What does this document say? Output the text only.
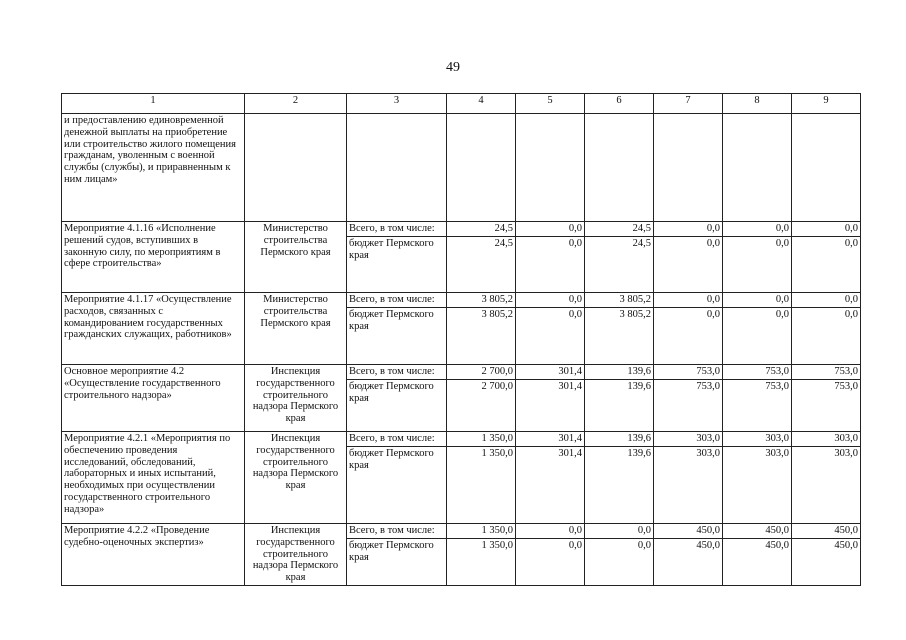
49
1	2	3	4	5	6	7	8	9
и предоставлению единовременной денежной выплаты на приобретение или строительство жилого помещения гражданам, уволенным с военной службы (службы), и приравненным к ним лицам»								
Мероприятие 4.1.16 «Исполнение решений судов, вступивших в законную силу, по мероприятиям в сфере строительства»	Министерство строительства Пермского края	Всего, в том числе:	24,5	0,0	24,5	0,0	0,0	0,0
		бюджет Пермского края	24,5	0,0	24,5	0,0	0,0	0,0
Мероприятие 4.1.17 «Осуществление расходов, связанных с командированием государственных гражданских служащих, работников»	Министерство строительства Пермского края	Всего, в том числе:	3 805,2	0,0	3 805,2	0,0	0,0	0,0
		бюджет Пермского края	3 805,2	0,0	3 805,2	0,0	0,0	0,0
Основное мероприятие 4.2 «Осуществление государственного строительного надзора»	Инспекция государственного строительного надзора Пермского края	Всего, в том числе:	2 700,0	301,4	139,6	753,0	753,0	753,0
		бюджет Пермского края	2 700,0	301,4	139,6	753,0	753,0	753,0
Мероприятие 4.2.1 «Мероприятия по обеспечению проведения исследований, обследований, лабораторных и иных испытаний, необходимых при осуществлении государственного строительного надзора»	Инспекция государственного строительного надзора Пермского края	Всего, в том числе:	1 350,0	301,4	139,6	303,0	303,0	303,0
		бюджет Пермского края	1 350,0	301,4	139,6	303,0	303,0	303,0
Мероприятие 4.2.2 «Проведение судебно-оценочных экспертиз»	Инспекция государственного строительного надзора Пермского края	Всего, в том числе:	1 350,0	0,0	0,0	450,0	450,0	450,0
		бюджет Пермского края	1 350,0	0,0	0,0	450,0	450,0	450,0
